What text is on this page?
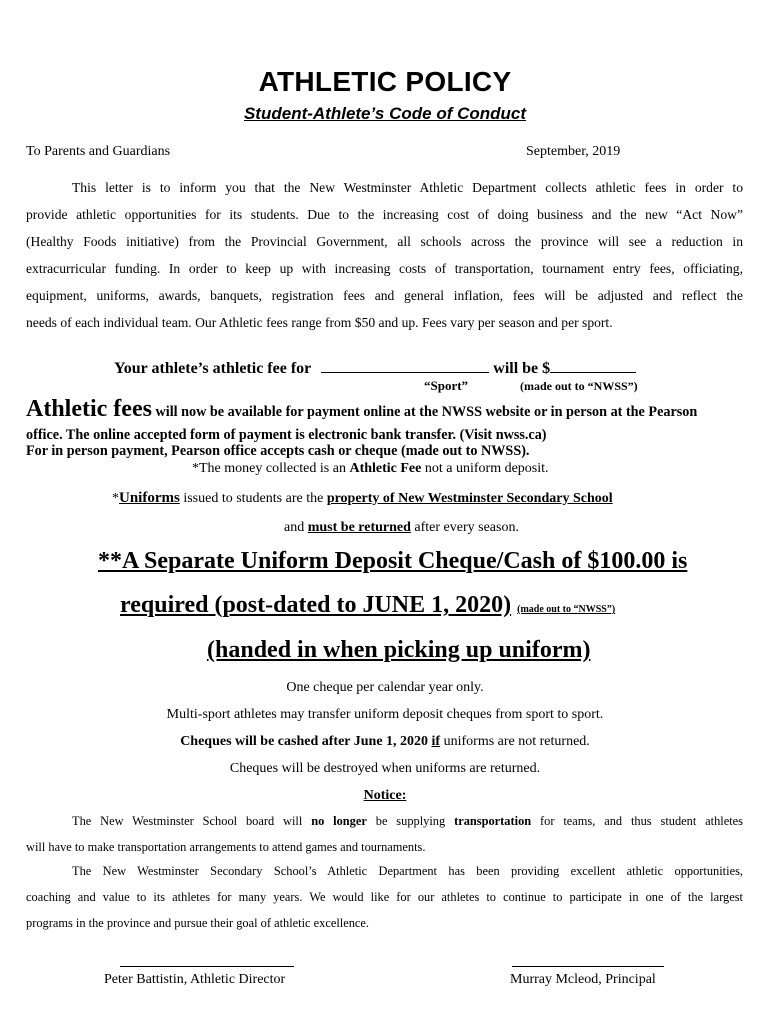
ATHLETIC POLICY
Student-Athlete’s Code of Conduct
To Parents and Guardians	September, 2019
This letter is to inform you that the New Westminster Athletic Department collects athletic fees in order to
provide athletic opportunities for its students. Due to the increasing cost of doing business and the new “Act Now”
(Healthy Foods initiative) from the Provincial Government, all schools across the province will see a reduction in
extracurricular funding. In order to keep up with increasing costs of transportation, tournament entry fees, officiating,
equipment, uniforms, awards, banquets, registration fees and general inflation, fees will be adjusted and reflect the
needs of each individual team. Our Athletic fees range from $50 and up. Fees vary per season and per sport.
Your athlete’s athletic fee for	will be $
“Sport”	(made out to “NWSS”)
Athletic fees will now be available for payment online at the NWSS website or in person at the Pearson
office. The online accepted form of payment is electronic bank transfer. (Visit nwss.ca)
For in person payment, Pearson office accepts cash or cheque (made out to NWSS).
*The money collected is an Athletic Fee not a uniform deposit.
*Uniforms issued to students are the property of New Westminster Secondary School
and must be returned after every season.
**A Separate Uniform Deposit Cheque/Cash of $100.00 is
required (post-dated to JUNE 1, 2020) (made out to “NWSS”)
(handed in when picking up uniform)
One cheque per calendar year only.
Multi-sport athletes may transfer uniform deposit cheques from sport to sport.
Cheques will be cashed after June 1, 2020 if uniforms are not returned.
Cheques will be destroyed when uniforms are returned.
Notice:
The New Westminster School board will no longer be supplying transportation for teams, and thus student athletes
will have to make transportation arrangements to attend games and tournaments.
The New Westminster Secondary School’s Athletic Department has been providing excellent athletic opportunities,
coaching and value to its athletes for many years. We would like for our athletes to continue to participate in one of the largest
programs in the province and pursue their goal of athletic excellence.
Peter Battistin, Athletic Director	Murray Mcleod, Principal
